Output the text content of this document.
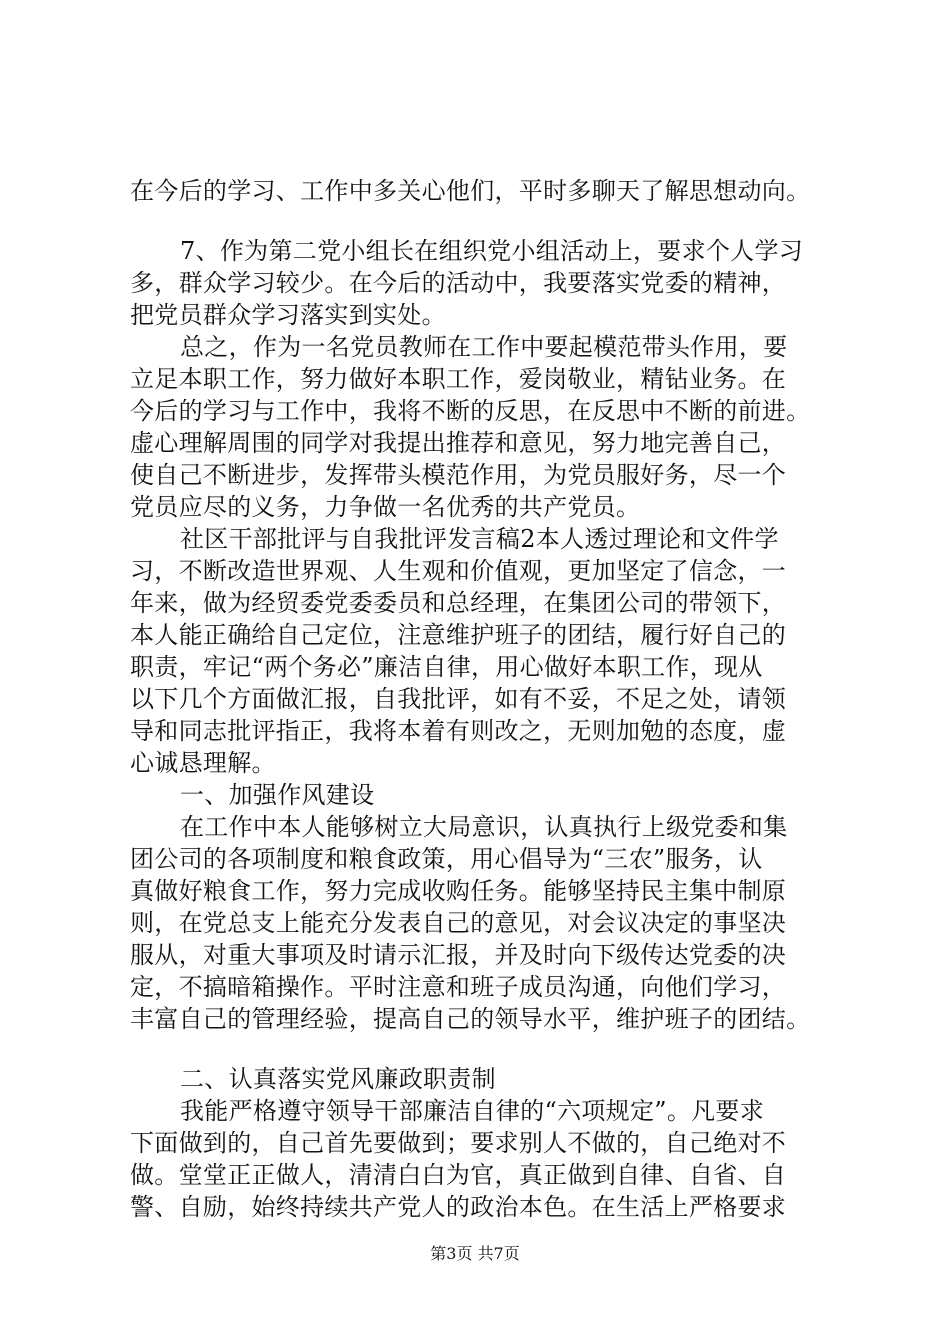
在今后的学习、工作中多关心他们，平时多聊天了解思想动向。
7、作为第二党小组长在组织党小组活动上，要求个人学习
多，群众学习较少。在今后的活动中，我要落实党委的精神，
把党员群众学习落实到实处。
总之，作为一名党员教师在工作中要起模范带头作用，要
立足本职工作，努力做好本职工作，爱岗敬业，精钻业务。在
今后的学习与工作中，我将不断的反思，在反思中不断的前进。
虚心理解周围的同学对我提出推荐和意见，努力地完善自己，
使自己不断进步，发挥带头模范作用，为党员服好务，尽一个
党员应尽的义务，力争做一名优秀的共产党员。
社区干部批评与自我批评发言稿2本人透过理论和文件学
习，不断改造世界观、人生观和价值观，更加坚定了信念，一
年来，做为经贸委党委委员和总经理，在集团公司的带领下，
本人能正确给自己定位，注意维护班子的团结，履行好自己的
职责，牢记“两个务必”廉洁自律，用心做好本职工作，现从
以下几个方面做汇报，自我批评，如有不妥，不足之处，请领
导和同志批评指正，我将本着有则改之，无则加勉的态度，虚
心诚恳理解。
一、加强作风建设
在工作中本人能够树立大局意识，认真执行上级党委和集
团公司的各项制度和粮食政策，用心倡导为“三农”服务，认
真做好粮食工作，努力完成收购任务。能够坚持民主集中制原
则，在党总支上能充分发表自己的意见，对会议决定的事坚决
服从，对重大事项及时请示汇报，并及时向下级传达党委的决
定，不搞暗箱操作。平时注意和班子成员沟通，向他们学习，
丰富自己的管理经验，提高自己的领导水平，维护班子的团结。
二、认真落实党风廉政职责制
我能严格遵守领导干部廉洁自律的“六项规定”。凡要求
下面做到的，自己首先要做到；要求别人不做的，自己绝对不
做。堂堂正正做人，清清白白为官，真正做到自律、自省、自
警、自励，始终持续共产党人的政治本色。在生活上严格要求
第3页 共7页
